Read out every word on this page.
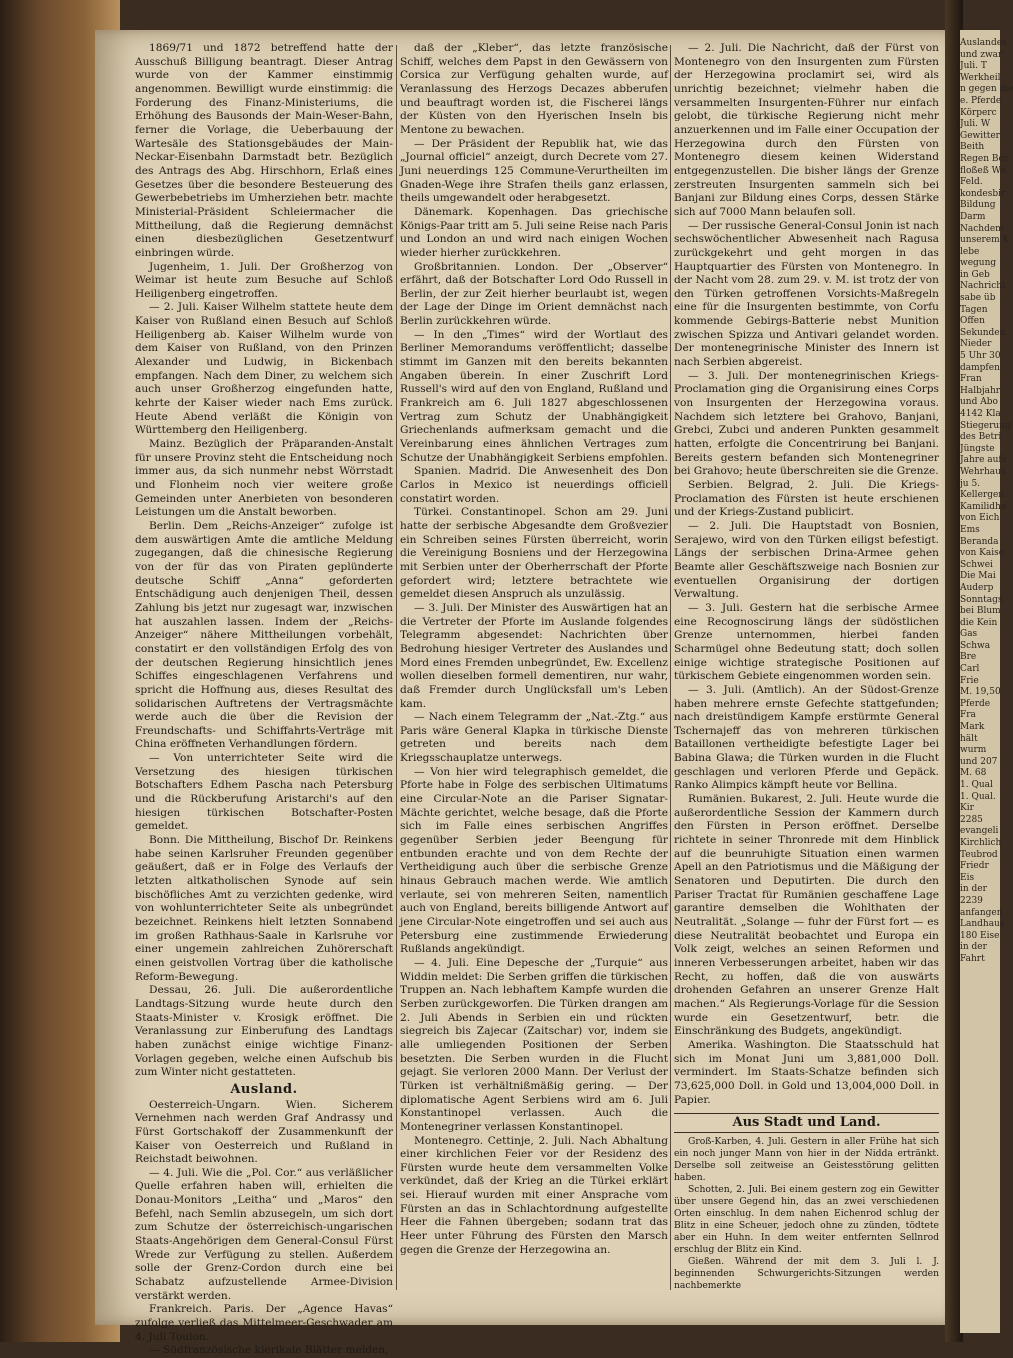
Auslandes
und zwar
Juli. T
Werkheil.
n gegen die
e. Pferde
Körperc
Juli. W
Gewitter
Beith
Regen Ber
floßeß Wo
Feld.
kondesbir
Bildung
Darm
Nachdem
unserem K
lebe
wegung
in Geb
Nachricht
sabe üb
Tagen
Offen
Sekunden
Nieder
5 Uhr 30
dampfen
Fran
Halbjahr
und Abo
4142 Kla
Stiegerung
des Betri
Jüngste
Jahre aufs
Wehrhaus
ju 5.
Kellergen
Kamilidhe
von Eich
Ems
Beranda
von Kaise
Schwei
Die Mai
Auderp
Sonntags
bei Blum
die Kein
Gas
Schwa
Bre
Carl
Frie
M. 19,50
Pferde
Fra
Mark
hält
wurm
und 207
M. 68
1. Qual
1. Qual.
Kir
2285
evangeli
Kirchlich
Teubrod
Friedr
Eis
in der
2239
anfangen
Landhaus
180 Eise
in der
Fahrt

1869/71 und 1872 betreffend hatte der Ausschuß Billigung beantragt. Dieser Antrag wurde von der Kammer einstimmig angenommen. Bewilligt wurde einstimmig: die Forderung des Finanz-Ministeriums, die Erhöhung des Bausonds der Main-Weser-Bahn, ferner die Vorlage, die Ueberbauung der Wartesäle des Stationsgebäudes der Main-Neckar-Eisenbahn Darmstadt betr. Bezüglich des Antrags des Abg. Hirschhorn, Erlaß eines Gesetzes über die besondere Besteuerung des Gewerbebetriebs im Umherziehen betr. machte Ministerial-Präsident Schleiermacher die Mittheilung, daß die Regierung demnächst einen diesbezüglichen Gesetzentwurf einbringen würde.

Jugenheim, 1. Juli. Der Großherzog von Weimar ist heute zum Besuche auf Schloß Heiligenberg eingetroffen.

— 2. Juli. Kaiser Wilhelm stattete heute dem Kaiser von Rußland einen Besuch auf Schloß Heiligenberg ab. Kaiser Wilhelm wurde von dem Kaiser von Rußland, von den Prinzen Alexander und Ludwig, in Bickenbach empfangen. Nach dem Diner, zu welchem sich auch unser Großherzog eingefunden hatte, kehrte der Kaiser wieder nach Ems zurück. Heute Abend verläßt die Königin von Württemberg den Heiligenberg.

Mainz. Bezüglich der Präparanden-Anstalt für unsere Provinz steht die Entscheidung noch immer aus, da sich nunmehr nebst Wörrstadt und Flonheim noch vier weitere große Gemeinden unter Anerbieten von besonderen Leistungen um die Anstalt beworben.

Berlin. Dem „Reichs-Anzeiger“ zufolge ist dem auswärtigen Amte die amtliche Meldung zugegangen, daß die chinesische Regierung von der für das von Piraten geplünderte deutsche Schiff „Anna“ geforderten Entschädigung auch denjenigen Theil, dessen Zahlung bis jetzt nur zugesagt war, inzwischen hat auszahlen lassen. Indem der „Reichs-Anzeiger“ nähere Mittheilungen vorbehält, constatirt er den vollständigen Erfolg des von der deutschen Regierung hinsichtlich jenes Schiffes eingeschlagenen Verfahrens und spricht die Hoffnung aus, dieses Resultat des solidarischen Auftretens der Vertragsmächte werde auch die über die Revision der Freundschafts- und Schiffahrts-Verträge mit China eröffneten Verhandlungen fördern.

— Von unterrichteter Seite wird die Versetzung des hiesigen türkischen Botschafters Edhem Pascha nach Petersburg und die Rückberufung Aristarchi's auf den hiesigen türkischen Botschafter-Posten gemeldet.

Bonn. Die Mittheilung, Bischof Dr. Reinkens habe seinen Karlsruher Freunden gegenüber geäußert, daß er in Folge des Verlaufs der letzten altkatholischen Synode auf sein bischöfliches Amt zu verzichten gedenke, wird von wohlunterrichteter Seite als unbegründet bezeichnet. Reinkens hielt letzten Sonnabend im großen Rathhaus-Saale in Karlsruhe vor einer ungemein zahlreichen Zuhörerschaft einen geistvollen Vortrag über die katholische Reform-Bewegung.

Dessau, 26. Juli. Die außerordentliche Landtags-Sitzung wurde heute durch den Staats-Minister v. Krosigk eröffnet. Die Veranlassung zur Einberufung des Landtags haben zunächst einige wichtige Finanz-Vorlagen gegeben, welche einen Aufschub bis zum Winter nicht gestatteten.

Ausland.

Oesterreich-Ungarn. Wien. Sicherem Vernehmen nach werden Graf Andrassy und Fürst Gortschakoff der Zusammenkunft der Kaiser von Oesterreich und Rußland in Reichstadt beiwohnen.

— 4. Juli. Wie die „Pol. Cor.“ aus verläßlicher Quelle erfahren haben will, erhielten die Donau-Monitors „Leitha“ und „Maros“ den Befehl, nach Semlin abzusegeln, um sich dort zum Schutze der österreichisch-ungarischen Staats-Angehörigen dem General-Consul Fürst Wrede zur Verfügung zu stellen. Außerdem solle der Grenz-Cordon durch eine bei Schabatz aufzustellende Armee-Division verstärkt werden.

Frankreich. Paris. Der „Agence Havas“ zufolge verließ das Mittelmeer-Geschwader am 4. Juli Toulon.

— Südfranzösische klerikale Blätter melden,

daß der „Kleber“, das letzte französische Schiff, welches dem Papst in den Gewässern von Corsica zur Verfügung gehalten wurde, auf Veranlassung des Herzogs Decazes abberufen und beauftragt worden ist, die Fischerei längs der Küsten von den Hyerischen Inseln bis Mentone zu bewachen.

— Der Präsident der Republik hat, wie das „Journal officiel“ anzeigt, durch Decrete vom 27. Juni neuerdings 125 Commune-Verurtheilten im Gnaden-Wege ihre Strafen theils ganz erlassen, theils umgewandelt oder herabgesetzt.

Dänemark. Kopenhagen. Das griechische Königs-Paar tritt am 5. Juli seine Reise nach Paris und London an und wird nach einigen Wochen wieder hierher zurückkehren.

Großbritannien. London. Der „Observer“ erfährt, daß der Botschafter Lord Odo Russell in Berlin, der zur Zeit hierher beurlaubt ist, wegen der Lage der Dinge im Orient demnächst nach Berlin zurückkehren würde.

— In den „Times“ wird der Wortlaut des Berliner Memorandums veröffentlicht; dasselbe stimmt im Ganzen mit den bereits bekannten Angaben überein. In einer Zuschrift Lord Russell's wird auf den von England, Rußland und Frankreich am 6. Juli 1827 abgeschlossenen Vertrag zum Schutz der Unabhängigkeit Griechenlands aufmerksam gemacht und die Vereinbarung eines ähnlichen Vertrages zum Schutze der Unabhängigkeit Serbiens empfohlen.

Spanien. Madrid. Die Anwesenheit des Don Carlos in Mexico ist neuerdings officiell constatirt worden.

Türkei. Constantinopel. Schon am 29. Juni hatte der serbische Abgesandte dem Großvezier ein Schreiben seines Fürsten überreicht, worin die Vereinigung Bosniens und der Herzegowina mit Serbien unter der Oberherrschaft der Pforte gefordert wird; letztere betrachtete wie gemeldet diesen Anspruch als unzulässig.

— 3. Juli. Der Minister des Auswärtigen hat an die Vertreter der Pforte im Auslande folgendes Telegramm abgesendet: Nachrichten über Bedrohung hiesiger Vertreter des Auslandes und Mord eines Fremden unbegründet, Ew. Excellenz wollen dieselben formell dementiren, nur wahr, daß Fremder durch Unglücksfall um's Leben kam.

— Nach einem Telegramm der „Nat.-Ztg.“ aus Paris wäre General Klapka in türkische Dienste getreten und bereits nach dem Kriegsschauplatze unterwegs.

— Von hier wird telegraphisch gemeldet, die Pforte habe in Folge des serbischen Ultimatums eine Circular-Note an die Pariser Signatar-Mächte gerichtet, welche besage, daß die Pforte sich im Falle eines serbischen Angriffes gegenüber Serbien jeder Beengung für entbunden erachte und von dem Rechte der Vertheidigung auch über die serbische Grenze hinaus Gebrauch machen werde. Wie amtlich verlaute, sei von mehreren Seiten, namentlich auch von England, bereits billigende Antwort auf jene Circular-Note eingetroffen und sei auch aus Petersburg eine zustimmende Erwiederung Rußlands angekündigt.

— 4. Juli. Eine Depesche der „Turquie“ aus Widdin meldet: Die Serben griffen die türkischen Truppen an. Nach lebhaftem Kampfe wurden die Serben zurückgeworfen. Die Türken drangen am 2. Juli Abends in Serbien ein und rückten siegreich bis Zajecar (Zaitschar) vor, indem sie alle umliegenden Positionen der Serben besetzten. Die Serben wurden in die Flucht gejagt. Sie verloren 2000 Mann. Der Verlust der Türken ist verhältnißmäßig gering. — Der diplomatische Agent Serbiens wird am 6. Juli Konstantinopel verlassen. Auch die Montenegriner verlassen Konstantinopel.

Montenegro. Cettinje, 2. Juli. Nach Abhaltung einer kirchlichen Feier vor der Residenz des Fürsten wurde heute dem versammelten Volke verkündet, daß der Krieg an die Türkei erklärt sei. Hierauf wurden mit einer Ansprache vom Fürsten an das in Schlachtordnung aufgestellte Heer die Fahnen übergeben; sodann trat das Heer unter Führung des Fürsten den Marsch gegen die Grenze der Herzegowina an.

— 2. Juli. Die Nachricht, daß der Fürst von Montenegro von den Insurgenten zum Fürsten der Herzegowina proclamirt sei, wird als unrichtig bezeichnet; vielmehr haben die versammelten Insurgenten-Führer nur einfach gelobt, die türkische Regierung nicht mehr anzuerkennen und im Falle einer Occupation der Herzegowina durch den Fürsten von Montenegro diesem keinen Widerstand entgegenzustellen. Die bisher längs der Grenze zerstreuten Insurgenten sammeln sich bei Banjani zur Bildung eines Corps, dessen Stärke sich auf 7000 Mann belaufen soll.

— Der russische General-Consul Jonin ist nach sechswöchentlicher Abwesenheit nach Ragusa zurückgekehrt und geht morgen in das Hauptquartier des Fürsten von Montenegro. In der Nacht vom 28. zum 29. v. M. ist trotz der von den Türken getroffenen Vorsichts-Maßregeln eine für die Insurgenten bestimmte, von Corfu kommende Gebirgs-Batterie nebst Munition zwischen Spizza und Antivari gelandet worden. Der montenegrinische Minister des Innern ist nach Serbien abgereist.

— 3. Juli. Der montenegrinischen Kriegs-Proclamation ging die Organisirung eines Corps von Insurgenten der Herzegowina voraus. Nachdem sich letztere bei Grahovo, Banjani, Grebci, Zubci und anderen Punkten gesammelt hatten, erfolgte die Concentrirung bei Banjani. Bereits gestern befanden sich Montenegriner bei Grahovo; heute überschreiten sie die Grenze.

Serbien. Belgrad, 2. Juli. Die Kriegs-Proclamation des Fürsten ist heute erschienen und der Kriegs-Zustand publicirt.

— 2. Juli. Die Hauptstadt von Bosnien, Serajewo, wird von den Türken eiligst befestigt. Längs der serbischen Drina-Armee gehen Beamte aller Geschäftszweige nach Bosnien zur eventuellen Organisirung der dortigen Verwaltung.

— 3. Juli. Gestern hat die serbische Armee eine Recognoscirung längs der südöstlichen Grenze unternommen, hierbei fanden Scharmügel ohne Bedeutung statt; doch sollen einige wichtige strategische Positionen auf türkischem Gebiete eingenommen worden sein.

— 3. Juli. (Amtlich). An der Südost-Grenze haben mehrere ernste Gefechte stattgefunden; nach dreistündigem Kampfe erstürmte General Tschernajeff das von mehreren türkischen Bataillonen vertheidigte befestigte Lager bei Babina Glawa; die Türken wurden in die Flucht geschlagen und verloren Pferde und Gepäck. Ranko Alimpics kämpft heute vor Bellina.

Rumänien. Bukarest, 2. Juli. Heute wurde die außerordentliche Session der Kammern durch den Fürsten in Person eröffnet. Derselbe richtete in seiner Thronrede mit dem Hinblick auf die beunruhigte Situation einen warmen Apell an den Patriotismus und die Mäßigung der Senatoren und Deputirten. Die durch den Pariser Tractat für Rumänien geschaffene Lage garantire demselben die Wohlthaten der Neutralität. „Solange — fuhr der Fürst fort — es diese Neutralität beobachtet und Europa ein Volk zeigt, welches an seinen Reformen und inneren Verbesserungen arbeitet, haben wir das Recht, zu hoffen, daß die von auswärts drohenden Gefahren an unserer Grenze Halt machen.“ Als Regierungs-Vorlage für die Session wurde ein Gesetzentwurf, betr. die Einschränkung des Budgets, angekündigt.

Amerika. Washington. Die Staatsschuld hat sich im Monat Juni um 3,881,000 Doll. vermindert. Im Staats-Schatze befinden sich 73,625,000 Doll. in Gold und 13,004,000 Doll. in Papier.

Aus Stadt und Land.

Groß-Karben, 4. Juli. Gestern in aller Frühe hat sich ein noch junger Mann von hier in der Nidda ertränkt. Derselbe soll zeitweise an Geistesstörung gelitten haben.

Schotten, 2. Juli. Bei einem gestern zog ein Gewitter über unsere Gegend hin, das an zwei verschiedenen Orten einschlug. In dem nahen Eichenrod schlug der Blitz in eine Scheuer, jedoch ohne zu zünden, tödtete aber ein Huhn. In dem weiter entfernten Sellnrod erschlug der Blitz ein Kind.

Gießen. Während der mit dem 3. Juli l. J. beginnenden Schwurgerichts-Sitzungen werden nachbemerkte
